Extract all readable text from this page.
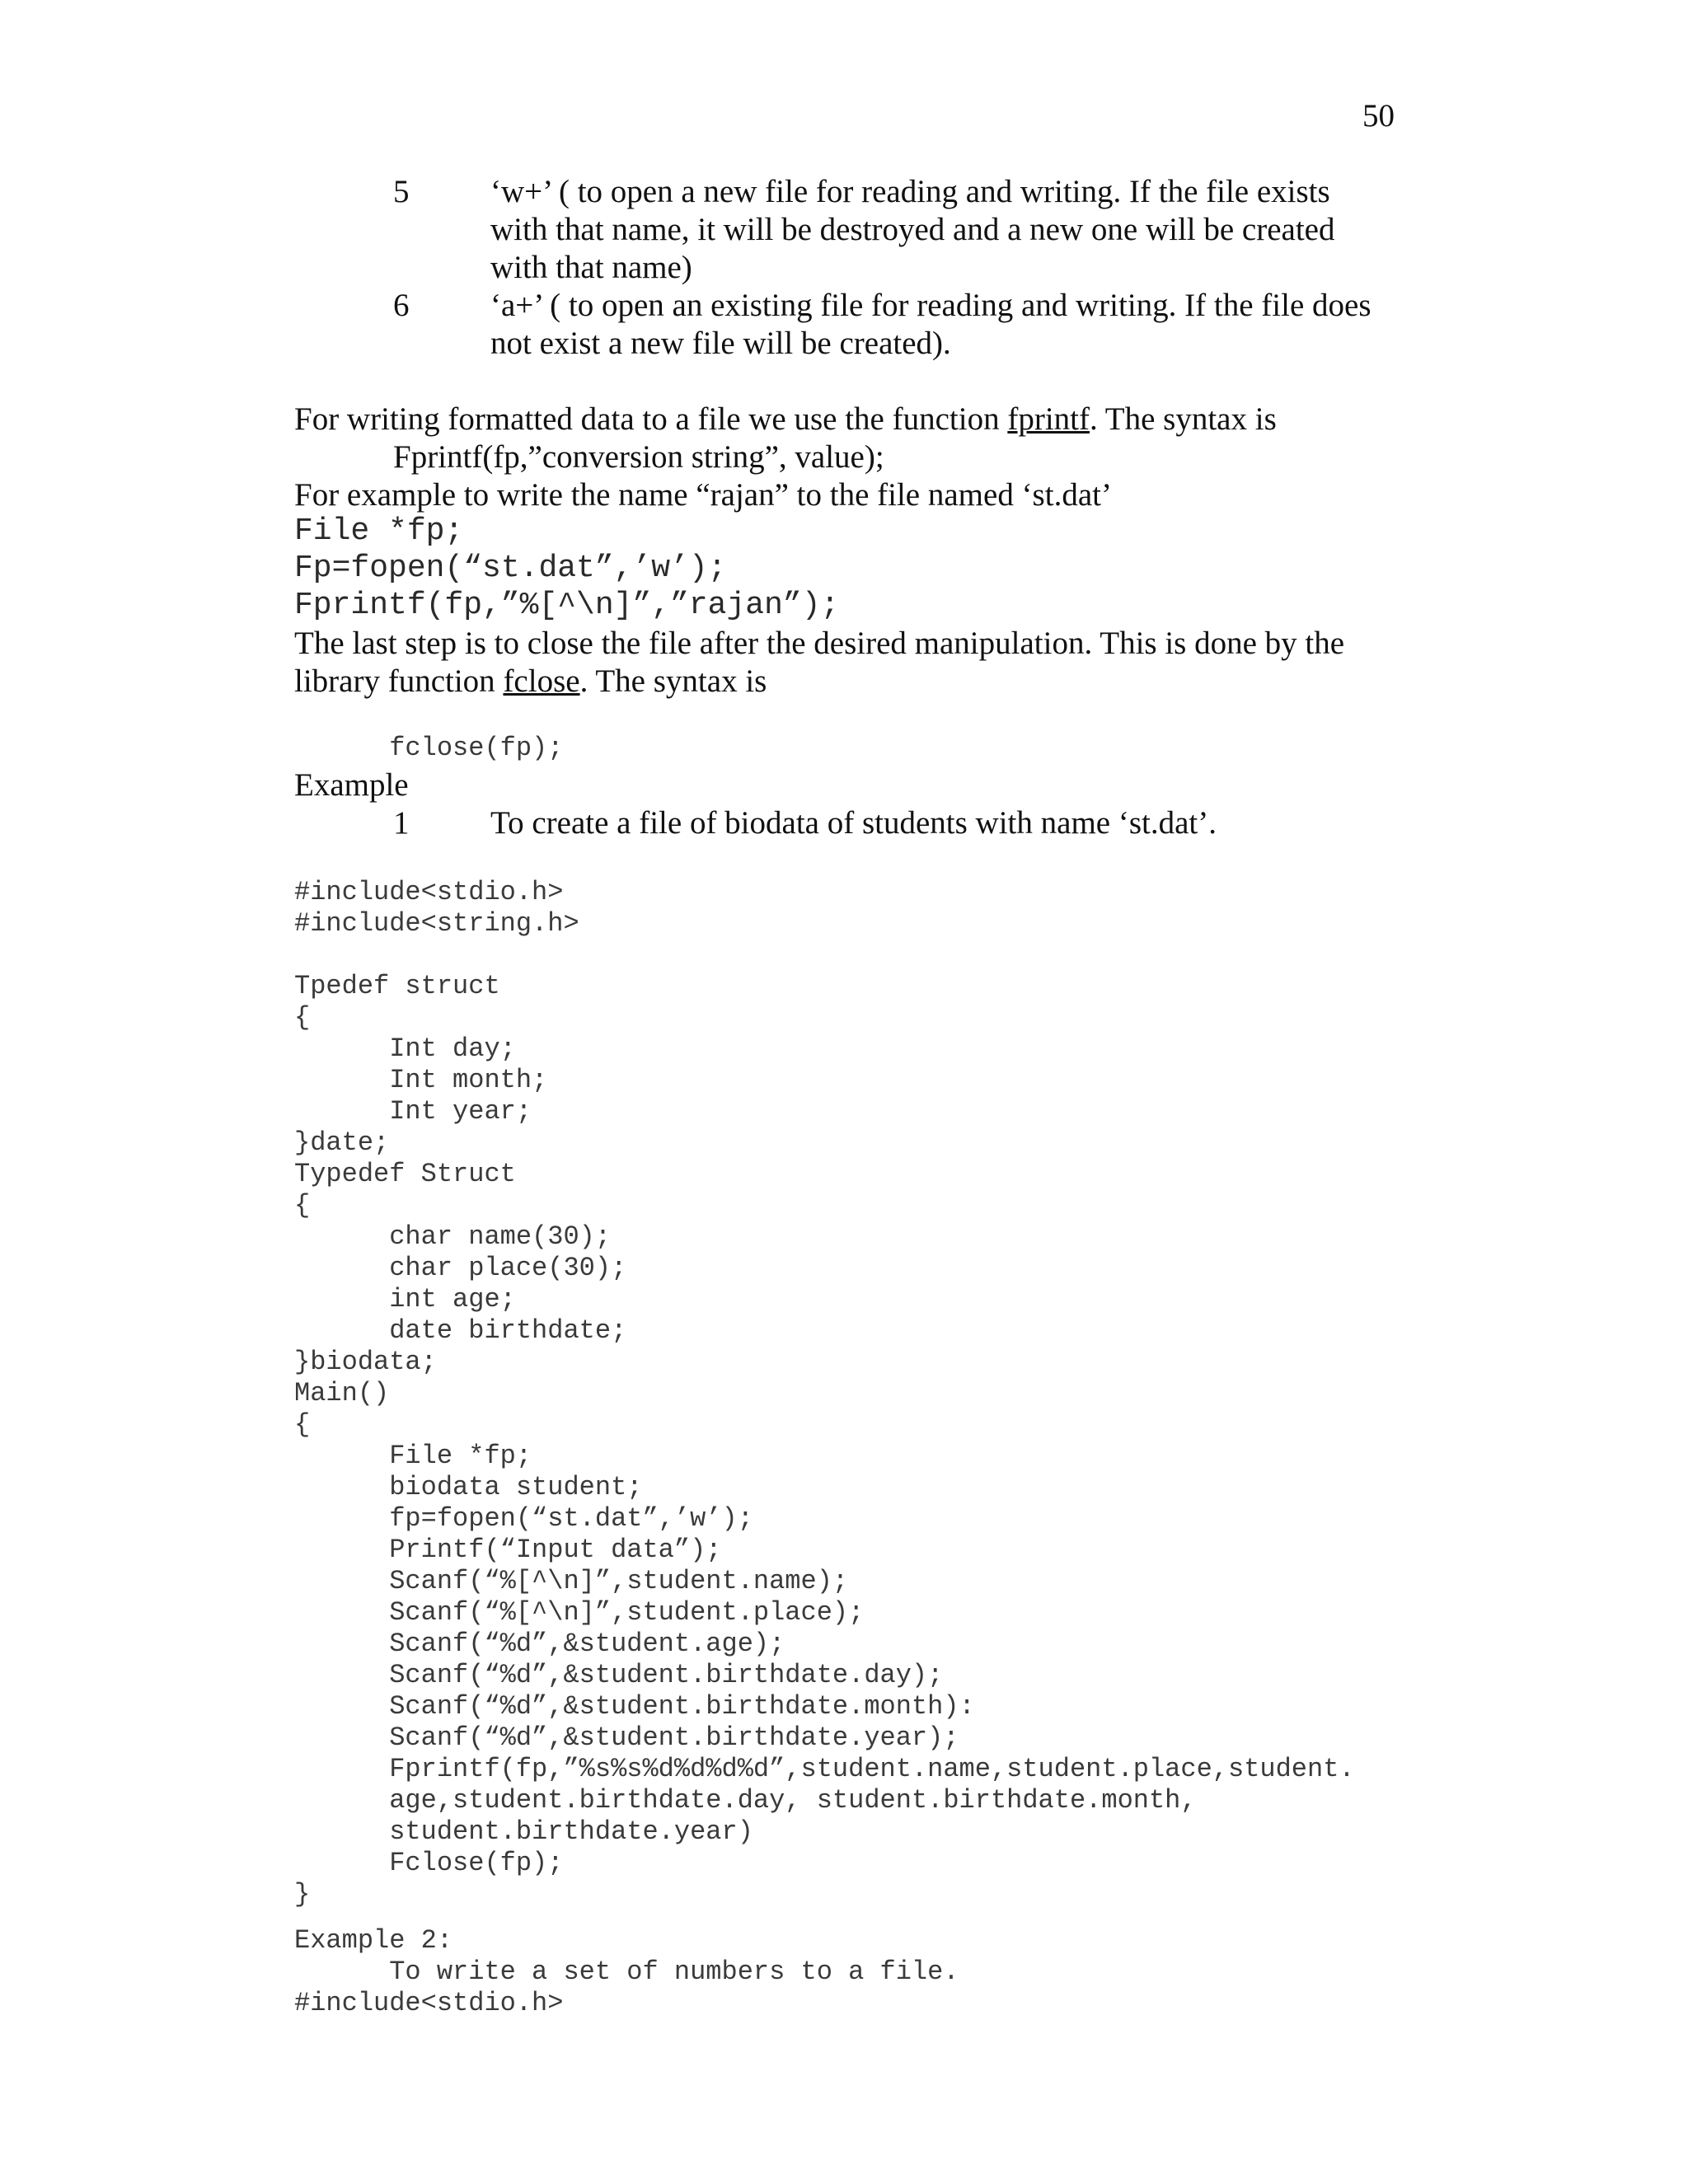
50
5	‘w+’ ( to open a new file for reading and writing. If the file exists
with that name, it will be destroyed and a new one will be created
with that name)
6	‘a+’ ( to open an existing file for reading and writing. If the file does
not exist a new file will be created).
For writing formatted data to a file we use the function fprintf. The syntax is
Fprintf(fp,”conversion string”, value);
For example to write the name “rajan” to the file named ‘st.dat’
File *fp;
Fp=fopen(“st.dat”,’w’);
Fprintf(fp,”%[^\n]”,”rajan”);
The last step is to close the file after the desired manipulation. This is done by the
library function fclose. The syntax is
fclose(fp);
Example
1	To create a file of biodata of students with name ‘st.dat’.
#include<stdio.h>
#include<string.h>

Tpedef struct
{
Int day;
Int month;
Int year;
}date;
Typedef Struct
{
char name(30);
char place(30);
int age;
date birthdate;
}biodata;
Main()
{
File *fp;
biodata student;
fp=fopen(“st.dat”,’w’);
Printf(“Input data”);
Scanf(“%[^\n]”,student.name);
Scanf(“%[^\n]”,student.place);
Scanf(“%d”,&student.age);
Scanf(“%d”,&student.birthdate.day);
Scanf(“%d”,&student.birthdate.month):
Scanf(“%d”,&student.birthdate.year);
Fprintf(fp,”%s%s%d%d%d%d”,student.name,student.place,student.
age,student.birthdate.day, student.birthdate.month,
student.birthdate.year)
Fclose(fp);
}
Example 2:
To write a set of numbers to a file.
#include<stdio.h>
